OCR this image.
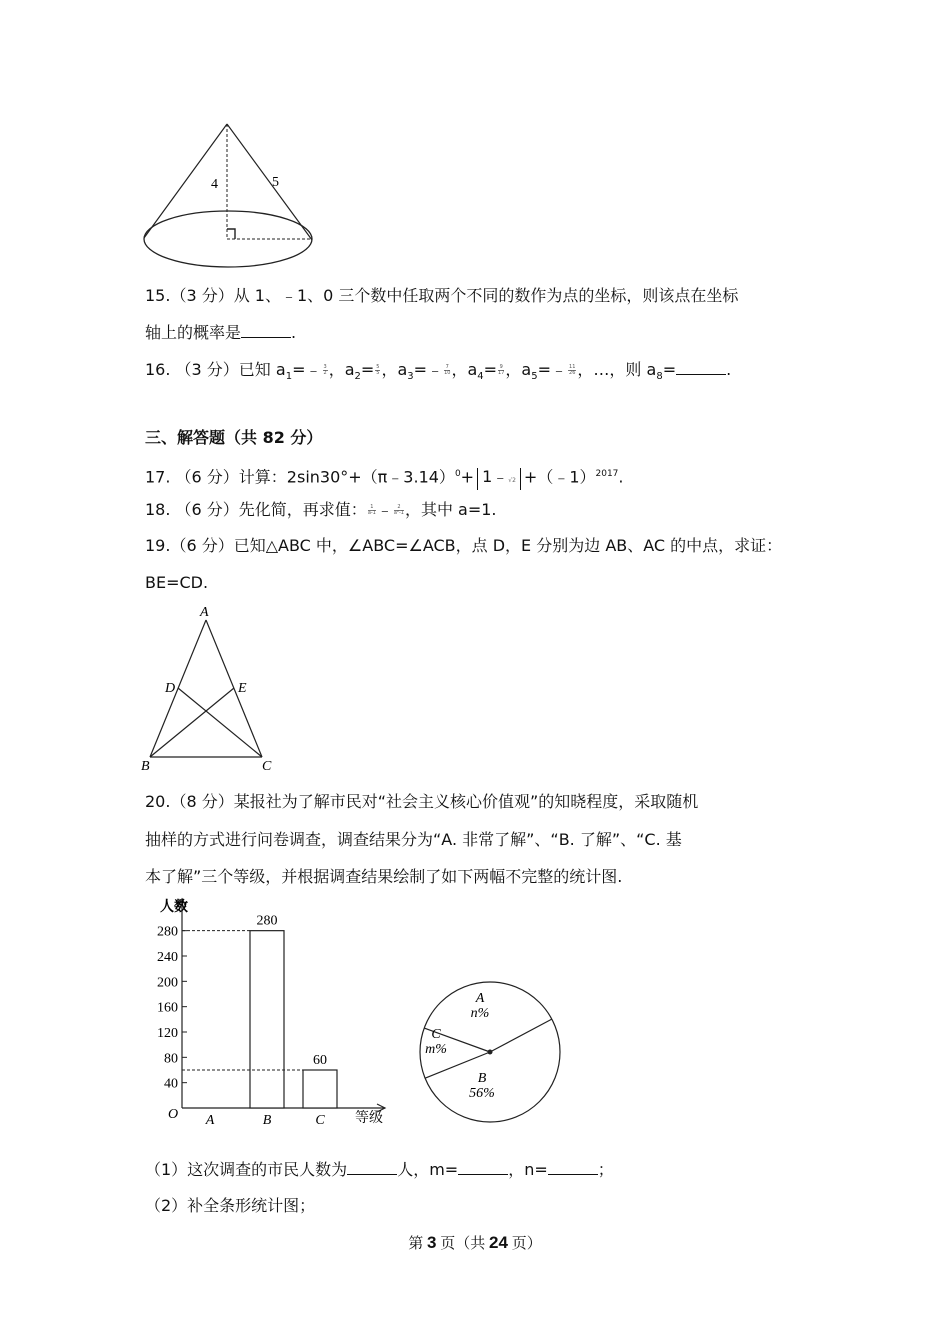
4	5
15.（3 分）从 1、﹣1、0 三个数中任取两个不同的数作为点的坐标，则该点在坐标
轴上的概率是	.
16. （3 分）已知 $a_1=﹣ \frac{3}{2}$ ，$a_2= \frac{5}{5}$ ，$a_3=﹣ \frac{7}{10}$ ，$a_4= \frac{9}{17}$ ，$a_5=﹣ \frac{11}{26}$ ，…，则 $a_8=$	.
三、解答题（共 82 分）
17. （6 分）计算：2sin30°+（π﹣3.14）$^0$+ 1﹣√2 +（﹣1）$^{2017}$.
18. （6 分）先化简，再求值： $\frac{1}{a-1}$ ﹣ $\frac{2}{\text{a²-1}}$ ，其中 a=1.
19.（6 分）已知△ABC 中，∠ABC=∠ACB，点 D，E 分别为边 AB、AC 的中点，求证：
BE=CD.
A
D	E
B	C
20.（8 分）某报社为了解市民对“社会主义核心价值观”的知晓程度，采取随机
抽样的方式进行问卷调查，调查结果分为“A. 非常了解”、“B. 了解”、“C. 基
本了解”三个等级，并根据调查结果绘制了如下两幅不完整的统计图.
人数
等级
O
40
80
120
160
200
240
280
A	B
280
C
60
A
n%
B
56%
C
m%
（1）这次调查的市民人数为	人，m=	，n=	；
（2）补全条形统计图；
第 3 页（共 24 页）
